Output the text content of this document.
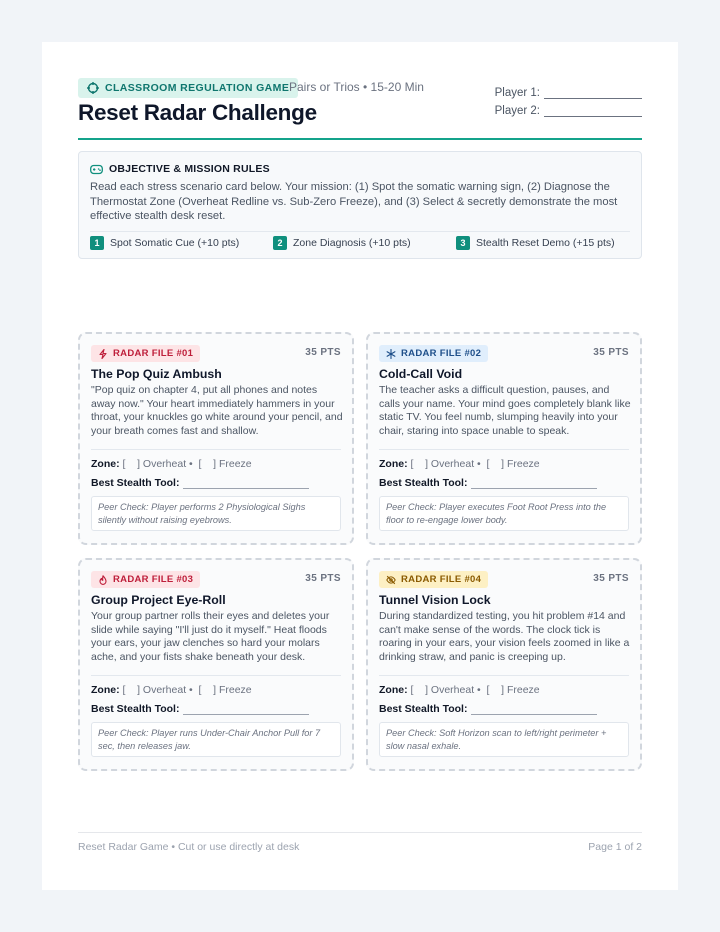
CLASSROOM REGULATION GAME Pairs or Trios • 15-20 Min
Reset Radar Challenge
Player 1:
Player 2:
OBJECTIVE & MISSION RULES
Read each stress scenario card below. Your mission: (1) Spot the somatic warning sign, (2) Diagnose the Thermostat Zone (Overheat Redline vs. Sub-Zero Freeze), and (3) Select & secretly demonstrate the most effective stealth desk reset.
1	Spot Somatic Cue (+10 pts)	2	Zone Diagnosis (+10 pts)	3	Stealth Reset Demo (+15 pts)
RADAR FILE #01	35 PTS
The Pop Quiz Ambush
"Pop quiz on chapter 4, put all phones and notes away now." Your heart immediately hammers in your throat, your knuckles go white around your pencil, and your breath comes fast and shallow.
Zone: [    ] Overheat •  [    ] Freeze
Best Stealth Tool:
Peer Check: Player performs 2 Physiological Sighs silently without raising eyebrows.
RADAR FILE #02	35 PTS
Cold-Call Void
The teacher asks a difficult question, pauses, and calls your name. Your mind goes completely blank like static TV. You feel numb, slumping heavily into your chair, staring into space unable to speak.
Zone: [    ] Overheat •  [    ] Freeze
Best Stealth Tool:
Peer Check: Player executes Foot Root Press into the floor to re-engage lower body.
RADAR FILE #03	35 PTS
Group Project Eye-Roll
Your group partner rolls their eyes and deletes your slide while saying "I'll just do it myself." Heat floods your ears, your jaw clenches so hard your molars ache, and your fists shake beneath your desk.
Zone: [    ] Overheat •  [    ] Freeze
Best Stealth Tool:
Peer Check: Player runs Under-Chair Anchor Pull for 7 sec, then releases jaw.
RADAR FILE #04	35 PTS
Tunnel Vision Lock
During standardized testing, you hit problem #14 and can't make sense of the words. The clock tick is roaring in your ears, your vision feels zoomed in like a drinking straw, and panic is creeping up.
Zone: [    ] Overheat •  [    ] Freeze
Best Stealth Tool:
Peer Check: Soft Horizon scan to left/right perimeter + slow nasal exhale.
Reset Radar Game • Cut or use directly at desk	Page 1 of 2
